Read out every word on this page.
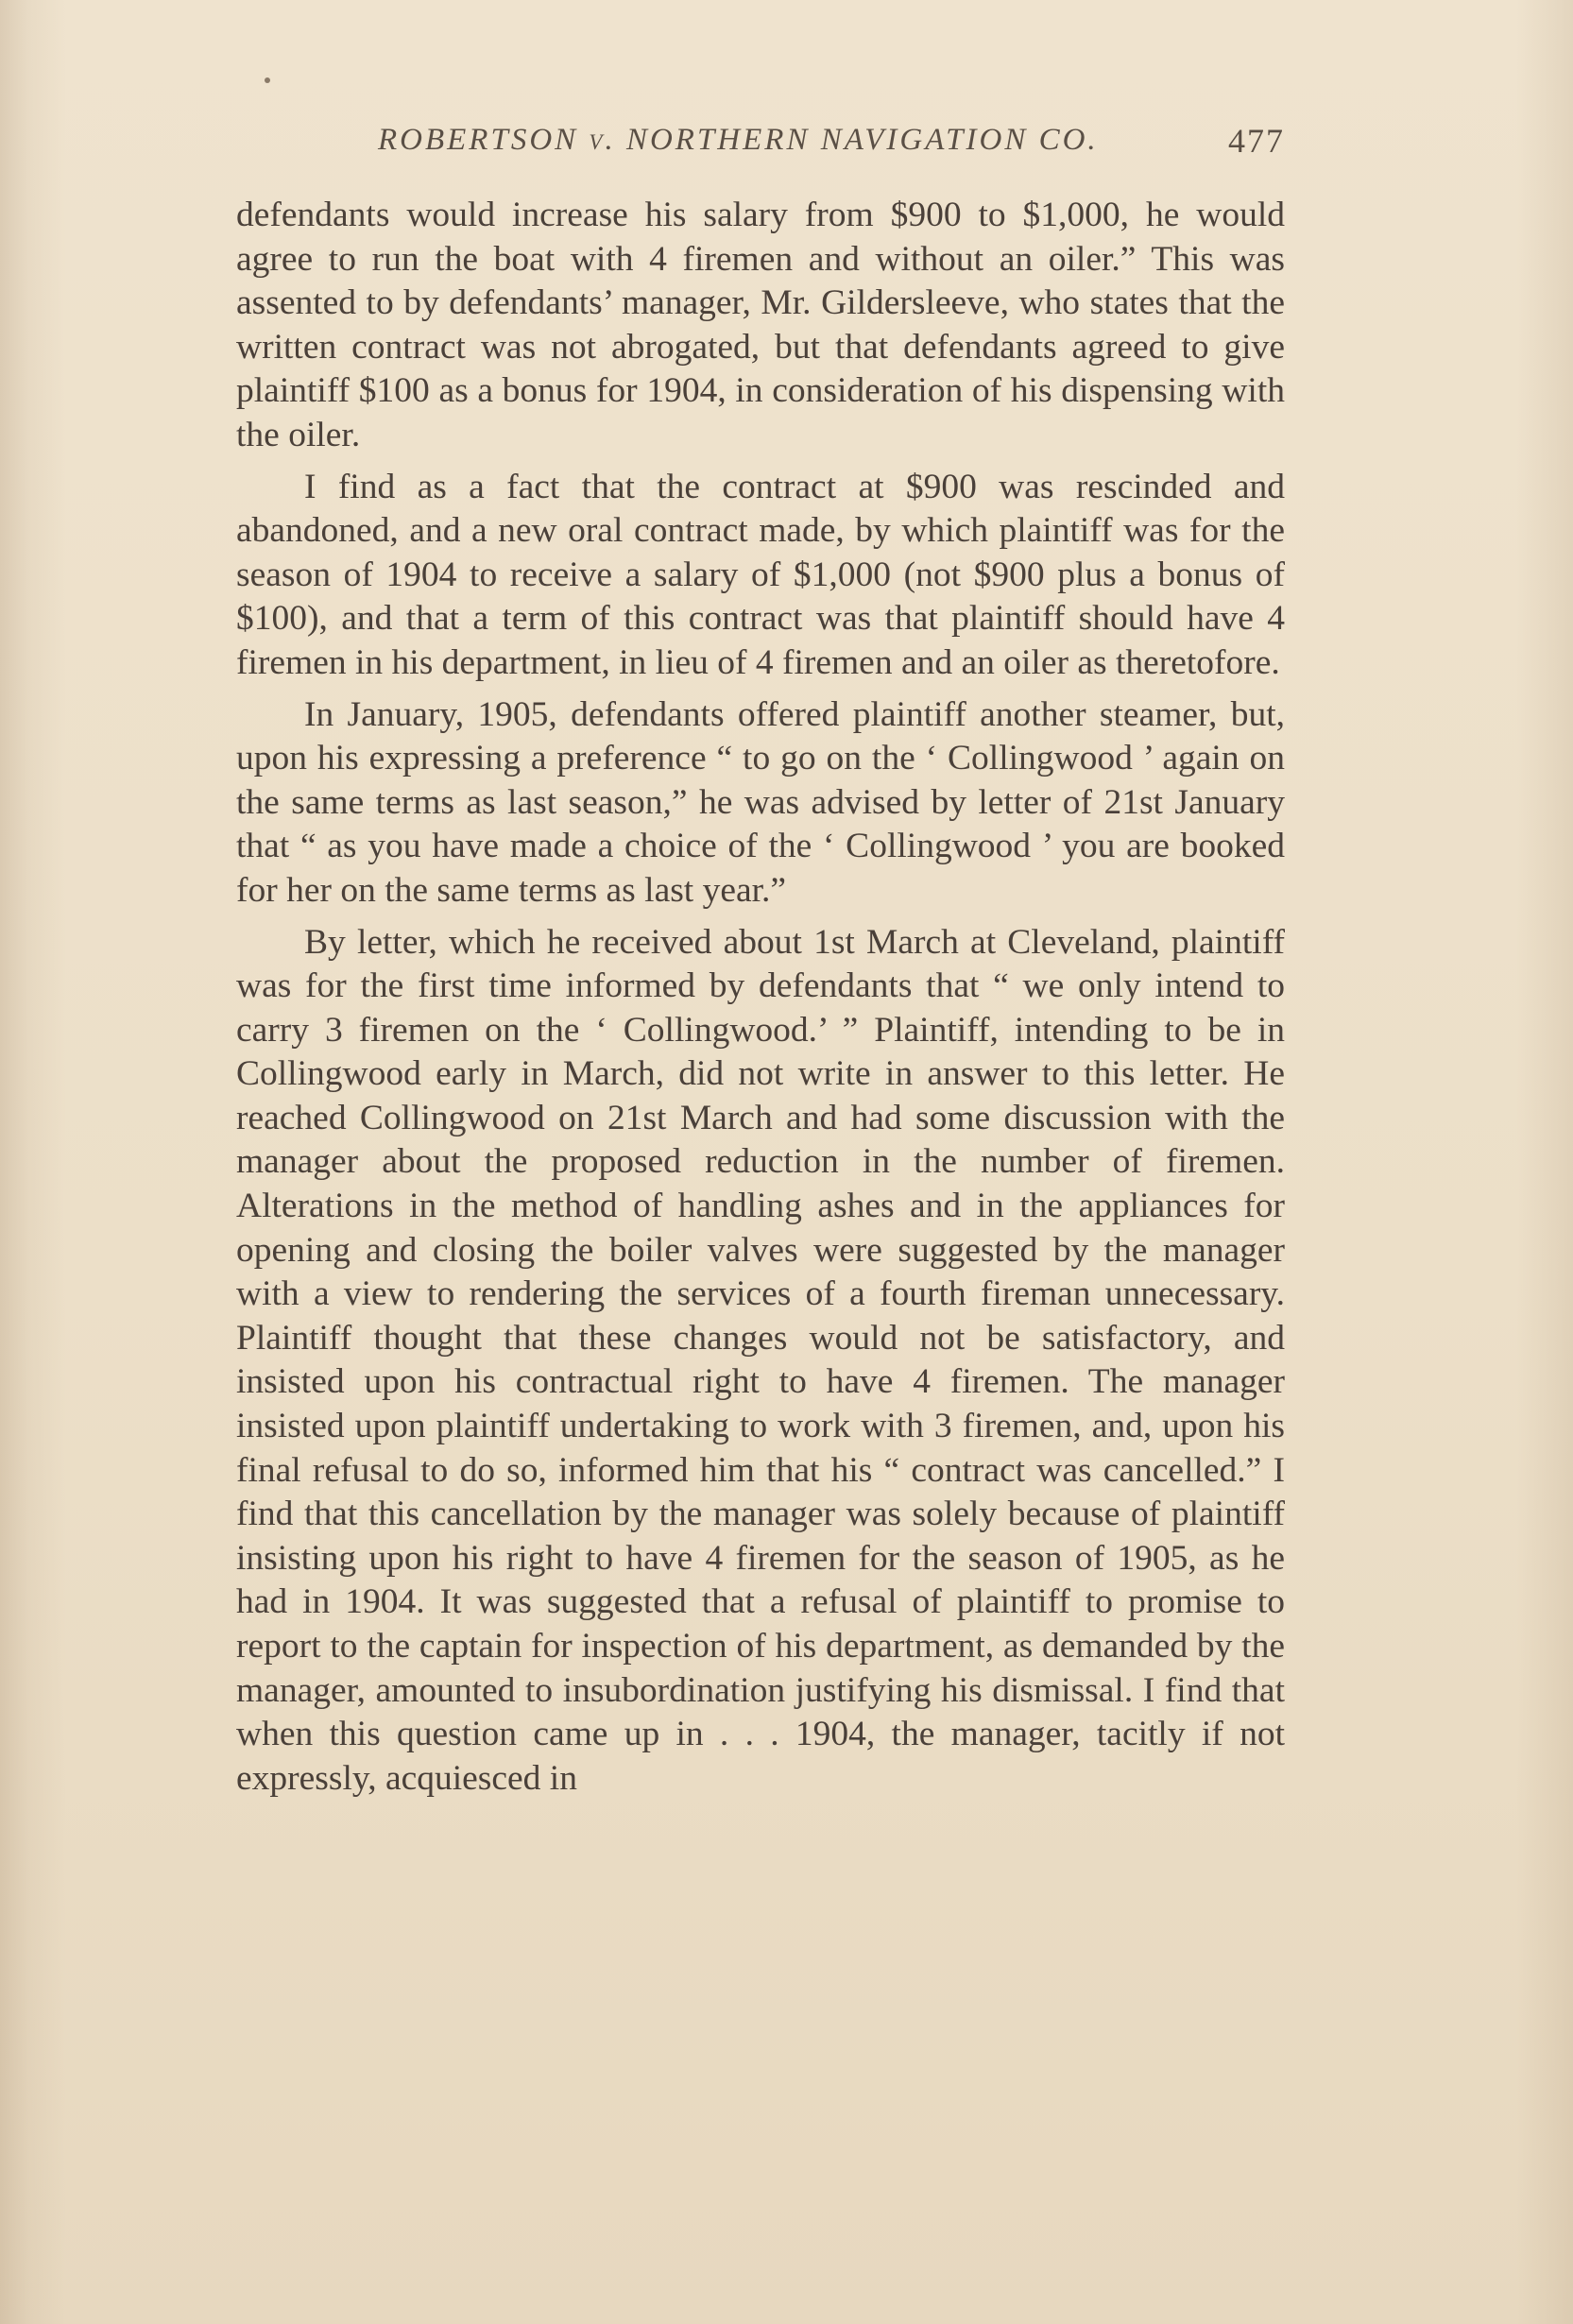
ROBERTSON v. NORTHERN NAVIGATION CO.	477

defendants would increase his salary from $900 to $1,000, he would agree to run the boat with 4 firemen and without an oiler.” This was assented to by defendants’ manager, Mr. Gildersleeve, who states that the written contract was not abrogated, but that defendants agreed to give plaintiff $100 as a bonus for 1904, in consideration of his dispensing with the oiler.

I find as a fact that the contract at $900 was rescinded and abandoned, and a new oral contract made, by which plaintiff was for the season of 1904 to receive a salary of $1,000 (not $900 plus a bonus of $100), and that a term of this contract was that plaintiff should have 4 firemen in his department, in lieu of 4 firemen and an oiler as theretofore.

In January, 1905, defendants offered plaintiff another steamer, but, upon his expressing a preference “ to go on the ‘ Collingwood ’ again on the same terms as last season,” he was advised by letter of 21st January that “ as you have made a choice of the ‘ Collingwood ’ you are booked for her on the same terms as last year.”

By letter, which he received about 1st March at Cleveland, plaintiff was for the first time informed by defendants that “ we only intend to carry 3 firemen on the ‘ Collingwood.’ ” Plaintiff, intending to be in Collingwood early in March, did not write in answer to this letter. He reached Collingwood on 21st March and had some discussion with the manager about the proposed reduction in the number of firemen. Alterations in the method of handling ashes and in the appliances for opening and closing the boiler valves were suggested by the manager with a view to rendering the services of a fourth fireman unnecessary. Plaintiff thought that these changes would not be satisfactory, and insisted upon his contractual right to have 4 firemen. The manager insisted upon plaintiff undertaking to work with 3 firemen, and, upon his final refusal to do so, informed him that his “ contract was cancelled.” I find that this cancellation by the manager was solely because of plaintiff insisting upon his right to have 4 firemen for the season of 1905, as he had in 1904. It was suggested that a refusal of plaintiff to promise to report to the captain for inspection of his department, as demanded by the manager, amounted to insubordination justifying his dismissal. I find that when this question came up in . . . 1904, the manager, tacitly if not expressly, acquiesced in
